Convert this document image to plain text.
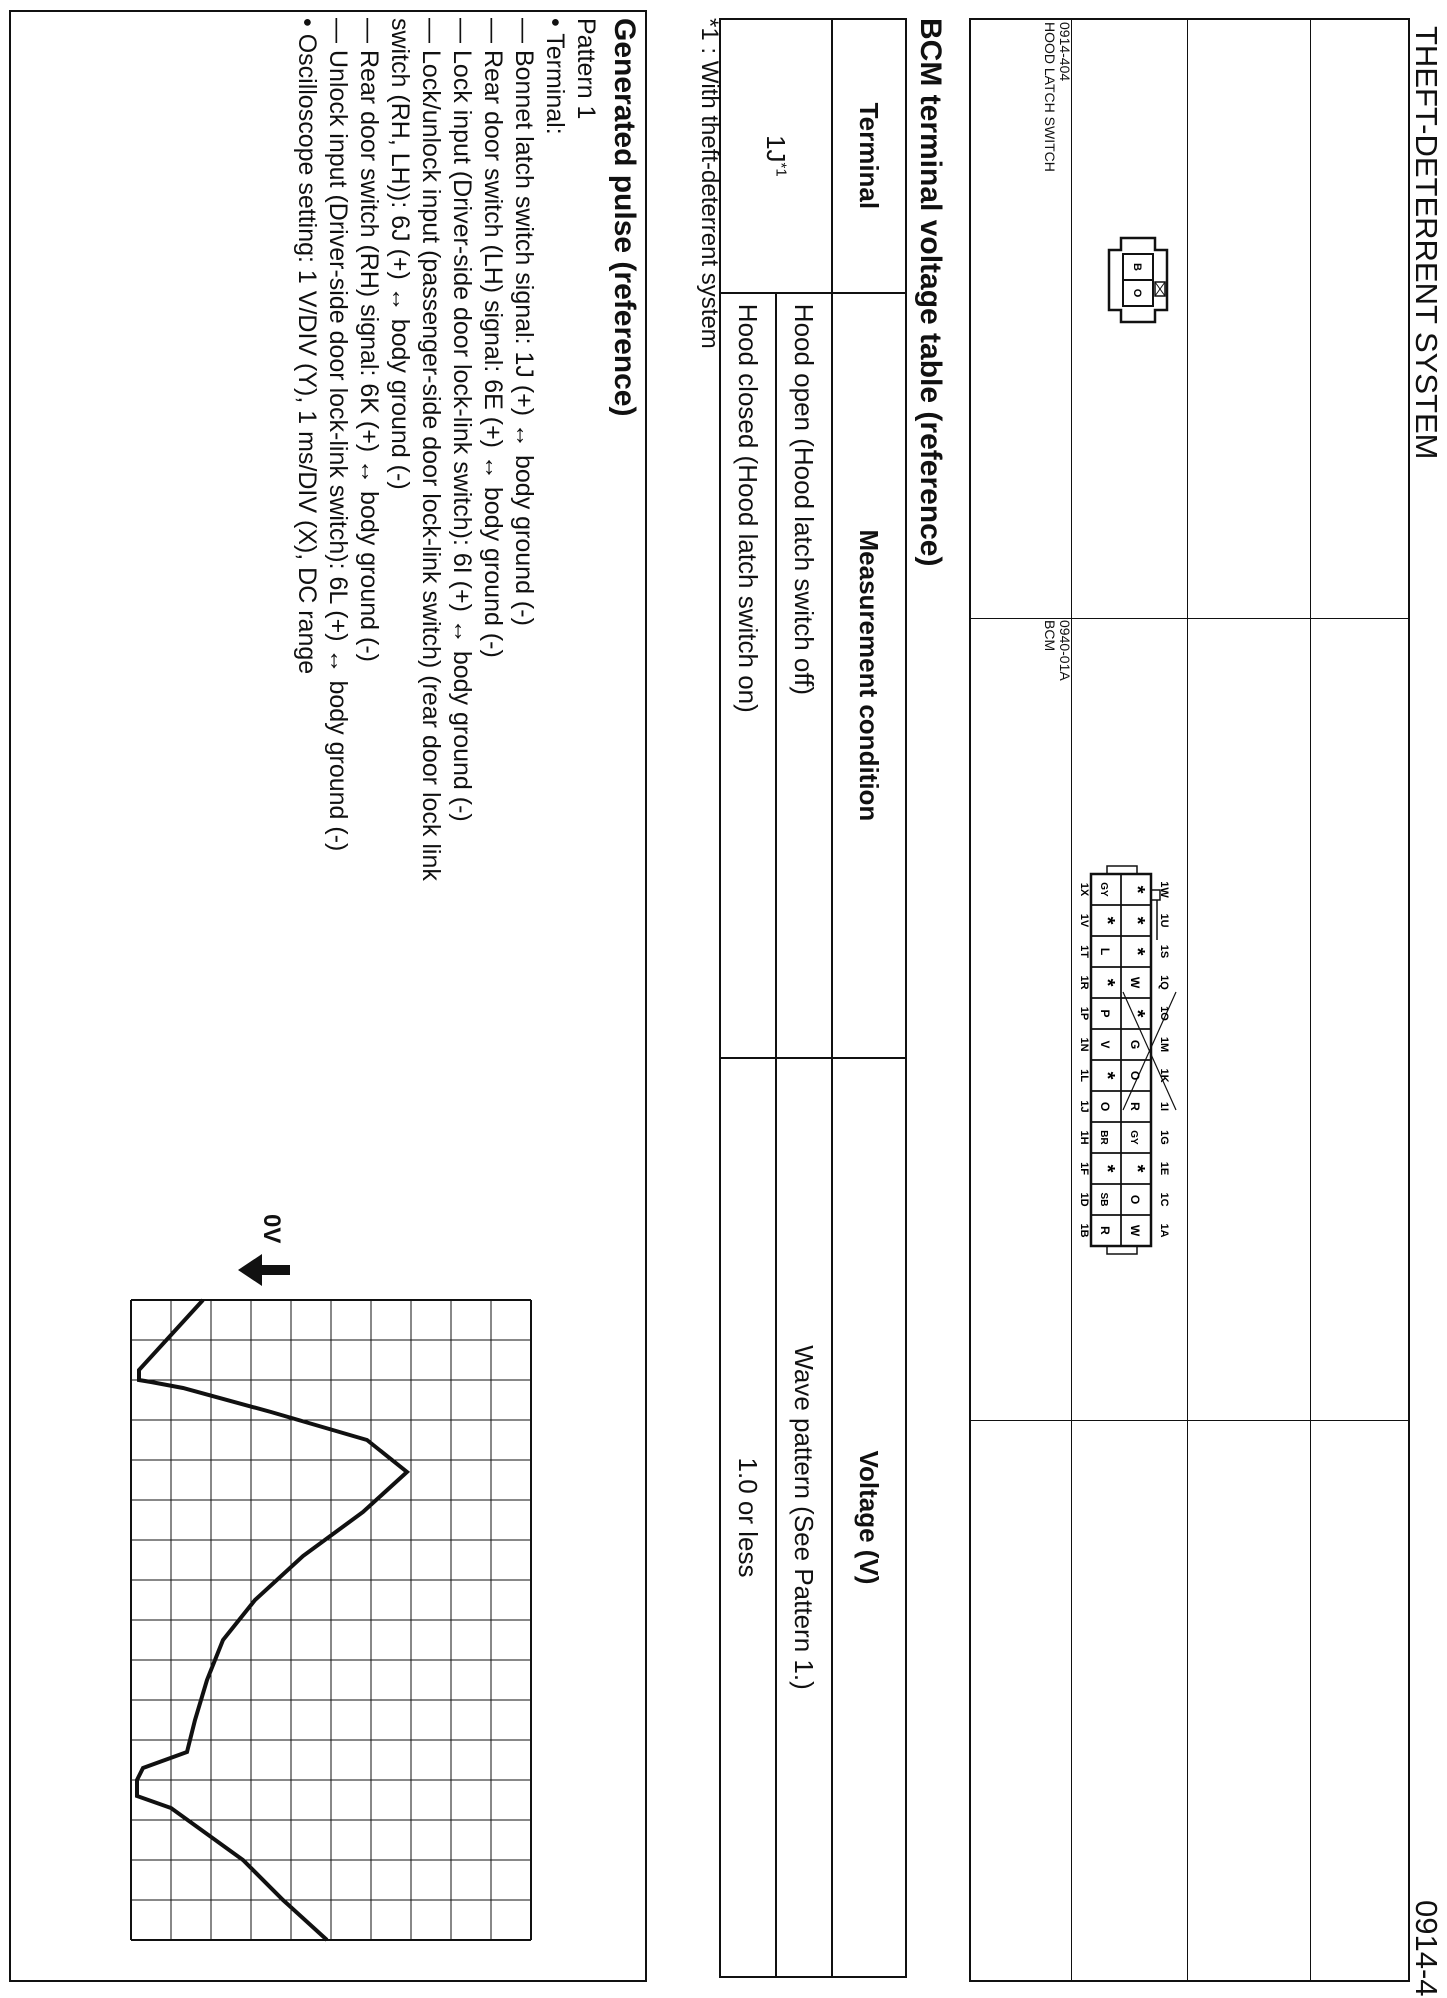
THEFT-DETERRENT SYSTEM
0914-4
0914-404
HOOD LATCH SWITCH
0940-01A
BCM
B
O
*
GY	1W
1X
*
*	1U
1V
*
L	1S
1T
W
*	1Q
1R
*
P	1O
1P
G
V	1M
1N
O
*	1K
1L
R
O	1I
1J
GY
BR	1G
1H
*
*	1E
1F
O
SB	1C
1D
W
R	1A
1B
BCM terminal voltage table (reference)
Terminal	Measurement condition	Voltage (V)
$1J^{*1}$	Hood open (Hood latch switch off)	Wave pattern (See Pattern 1.)
	Hood closed (Hood latch switch on)	1.0 or less
*1 : With theft-deterrent system
Generated pulse (reference)
Pattern 1
• Terminal:
— Bonnet latch switch signal: 1J (+) ↔ body ground (-)
— Rear door switch (LH) signal: 6E (+) ↔ body ground (-)
— Lock input (Driver-side door lock-link switch): 6I (+) ↔ body ground (-)
— Lock/unlock input (passenger-side door lock-link switch) (rear door lock link
switch (RH, LH)): 6J (+) ↔ body ground (-)
— Rear door switch (RH) signal: 6K (+) ↔ body ground (-)
— Unlock input (Driver-side door lock-link switch): 6L (+) ↔ body ground (-)
• Oscilloscope setting: 1 V/DIV (Y), 1 ms/DIV (X), DC range
0V
